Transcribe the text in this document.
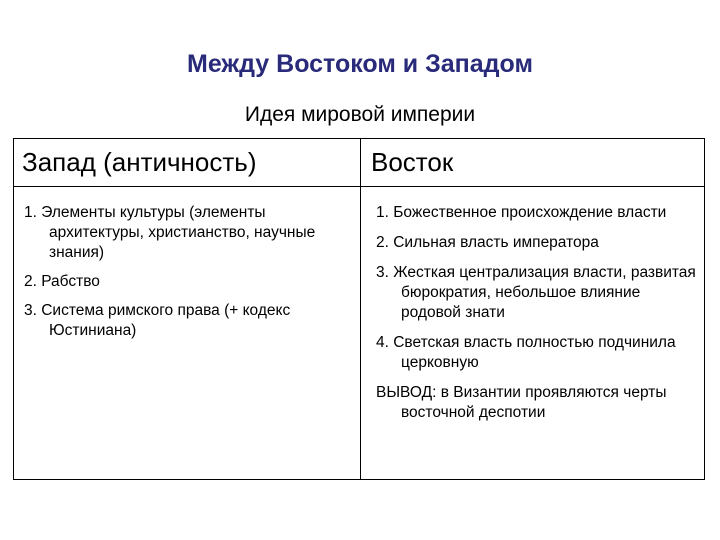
Между Востоком и Западом
Идея мировой империи
Запад (античность)	Восток
1. Элементы культуры (элементы архитектуры, христианство, научные знания)
2. Рабство
3. Система римского права (+ кодекс Юстиниана)
1. Божественное происхождение власти
2. Сильная власть императора
3. Жесткая централизация власти, развитая бюрократия, небольшое влияние родовой знати
4. Светская власть полностью подчинила церковную
ВЫВОД: в Византии проявляются черты восточной деспотии
